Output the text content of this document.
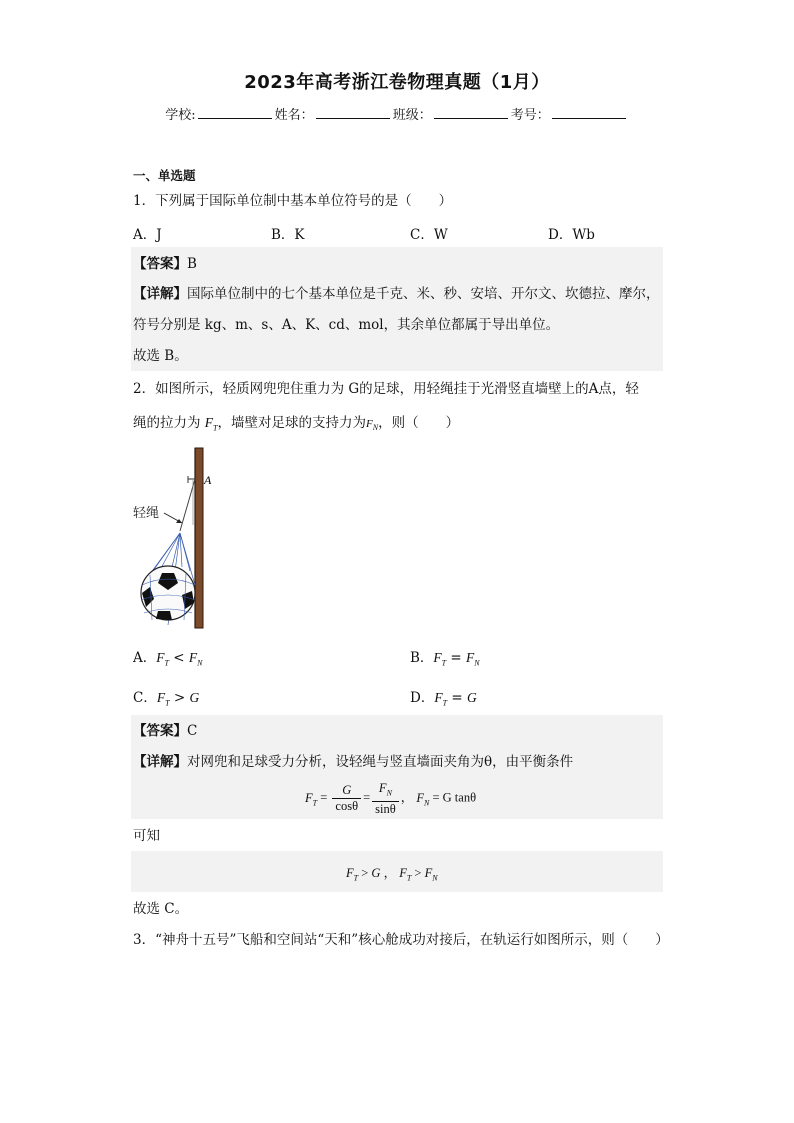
2023年高考浙江卷物理真题（1月）
学校:	姓名：	班级：	考号：
一、单选题
1．下列属于国际单位制中基本单位符号的是（　　）
A．J	B．K	C．W	D．Wb
【答案】B
【详解】国际单位制中的七个基本单位是千克、米、秒、安培、开尔文、坎德拉、摩尔，
符号分别是 kg、m、s、A、K、cd、mol，其余单位都属于导出单位。
故选 B。
2．如图所示，轻质网兜兜住重力为 G的足球，用轻绳挂于光滑竖直墙壁上的A点，轻
绳的拉力为 $F_T$，墙壁对足球的支持力为$F_N$，则（　　）
A
轻绳
A．$F_T < F_N$	B．$F_T = F_N$
C．$F_T > G$	D．$F_T = G$
【答案】C
【详解】对网兜和足球受力分析，设轻绳与竖直墙面夹角为θ，由平衡条件
$F_T = \frac{G}{\cos\theta} = \frac{F_N}{\sin\theta}$ ， $F_N = G$ tanθ
可知
$F_T > G$ ， $F_T > F_N$
故选 C。
3．“神舟十五号”飞船和空间站“天和”核心舱成功对接后，在轨运行如图所示，则（　　）
